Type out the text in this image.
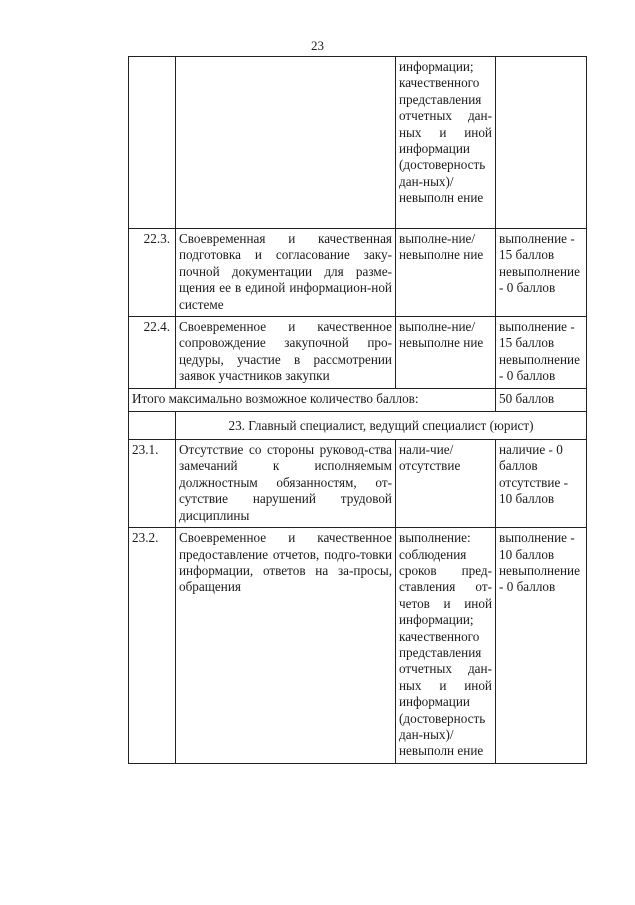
23
		информации; качественного представления отчетных дан-ных и иной информации (достоверность дан-ных)/невыполн ение	
22.3.	Своевременная и качественная подготовка и согласование заку-почной документации для разме-щения ее в единой информацион-ной системе	выполне-ние/невыполне ние	выполнение - 15 баллов невыполнение - 0 баллов
22.4.	Своевременное и качественное сопровождение закупочной про-цедуры, участие в рассмотрении заявок участников закупки	выполне-ние/невыполне ние	выполнение - 15 баллов невыполнение - 0 баллов
Итого максимально возможное количество баллов:			50 баллов
	23. Главный специалист, ведущий специалист (юрист)		
23.1.	Отсутствие со стороны руковод-ства замечаний к исполняемым должностным обязанностям, от-сутствие нарушений трудовой дисциплины	нали-чие/отсутствие	наличие - 0 баллов отсутствие - 10 баллов
23.2.	Своевременное и качественное предоставление отчетов, подго-товки информации, ответов на за-просы, обращения	выполнение: соблюдения сроков пред-ставления от-четов и иной информации; качественного представления отчетных дан-ных и иной информации (достоверность дан-ных)/невыполн ение	выполнение - 10 баллов невыполнение - 0 баллов
